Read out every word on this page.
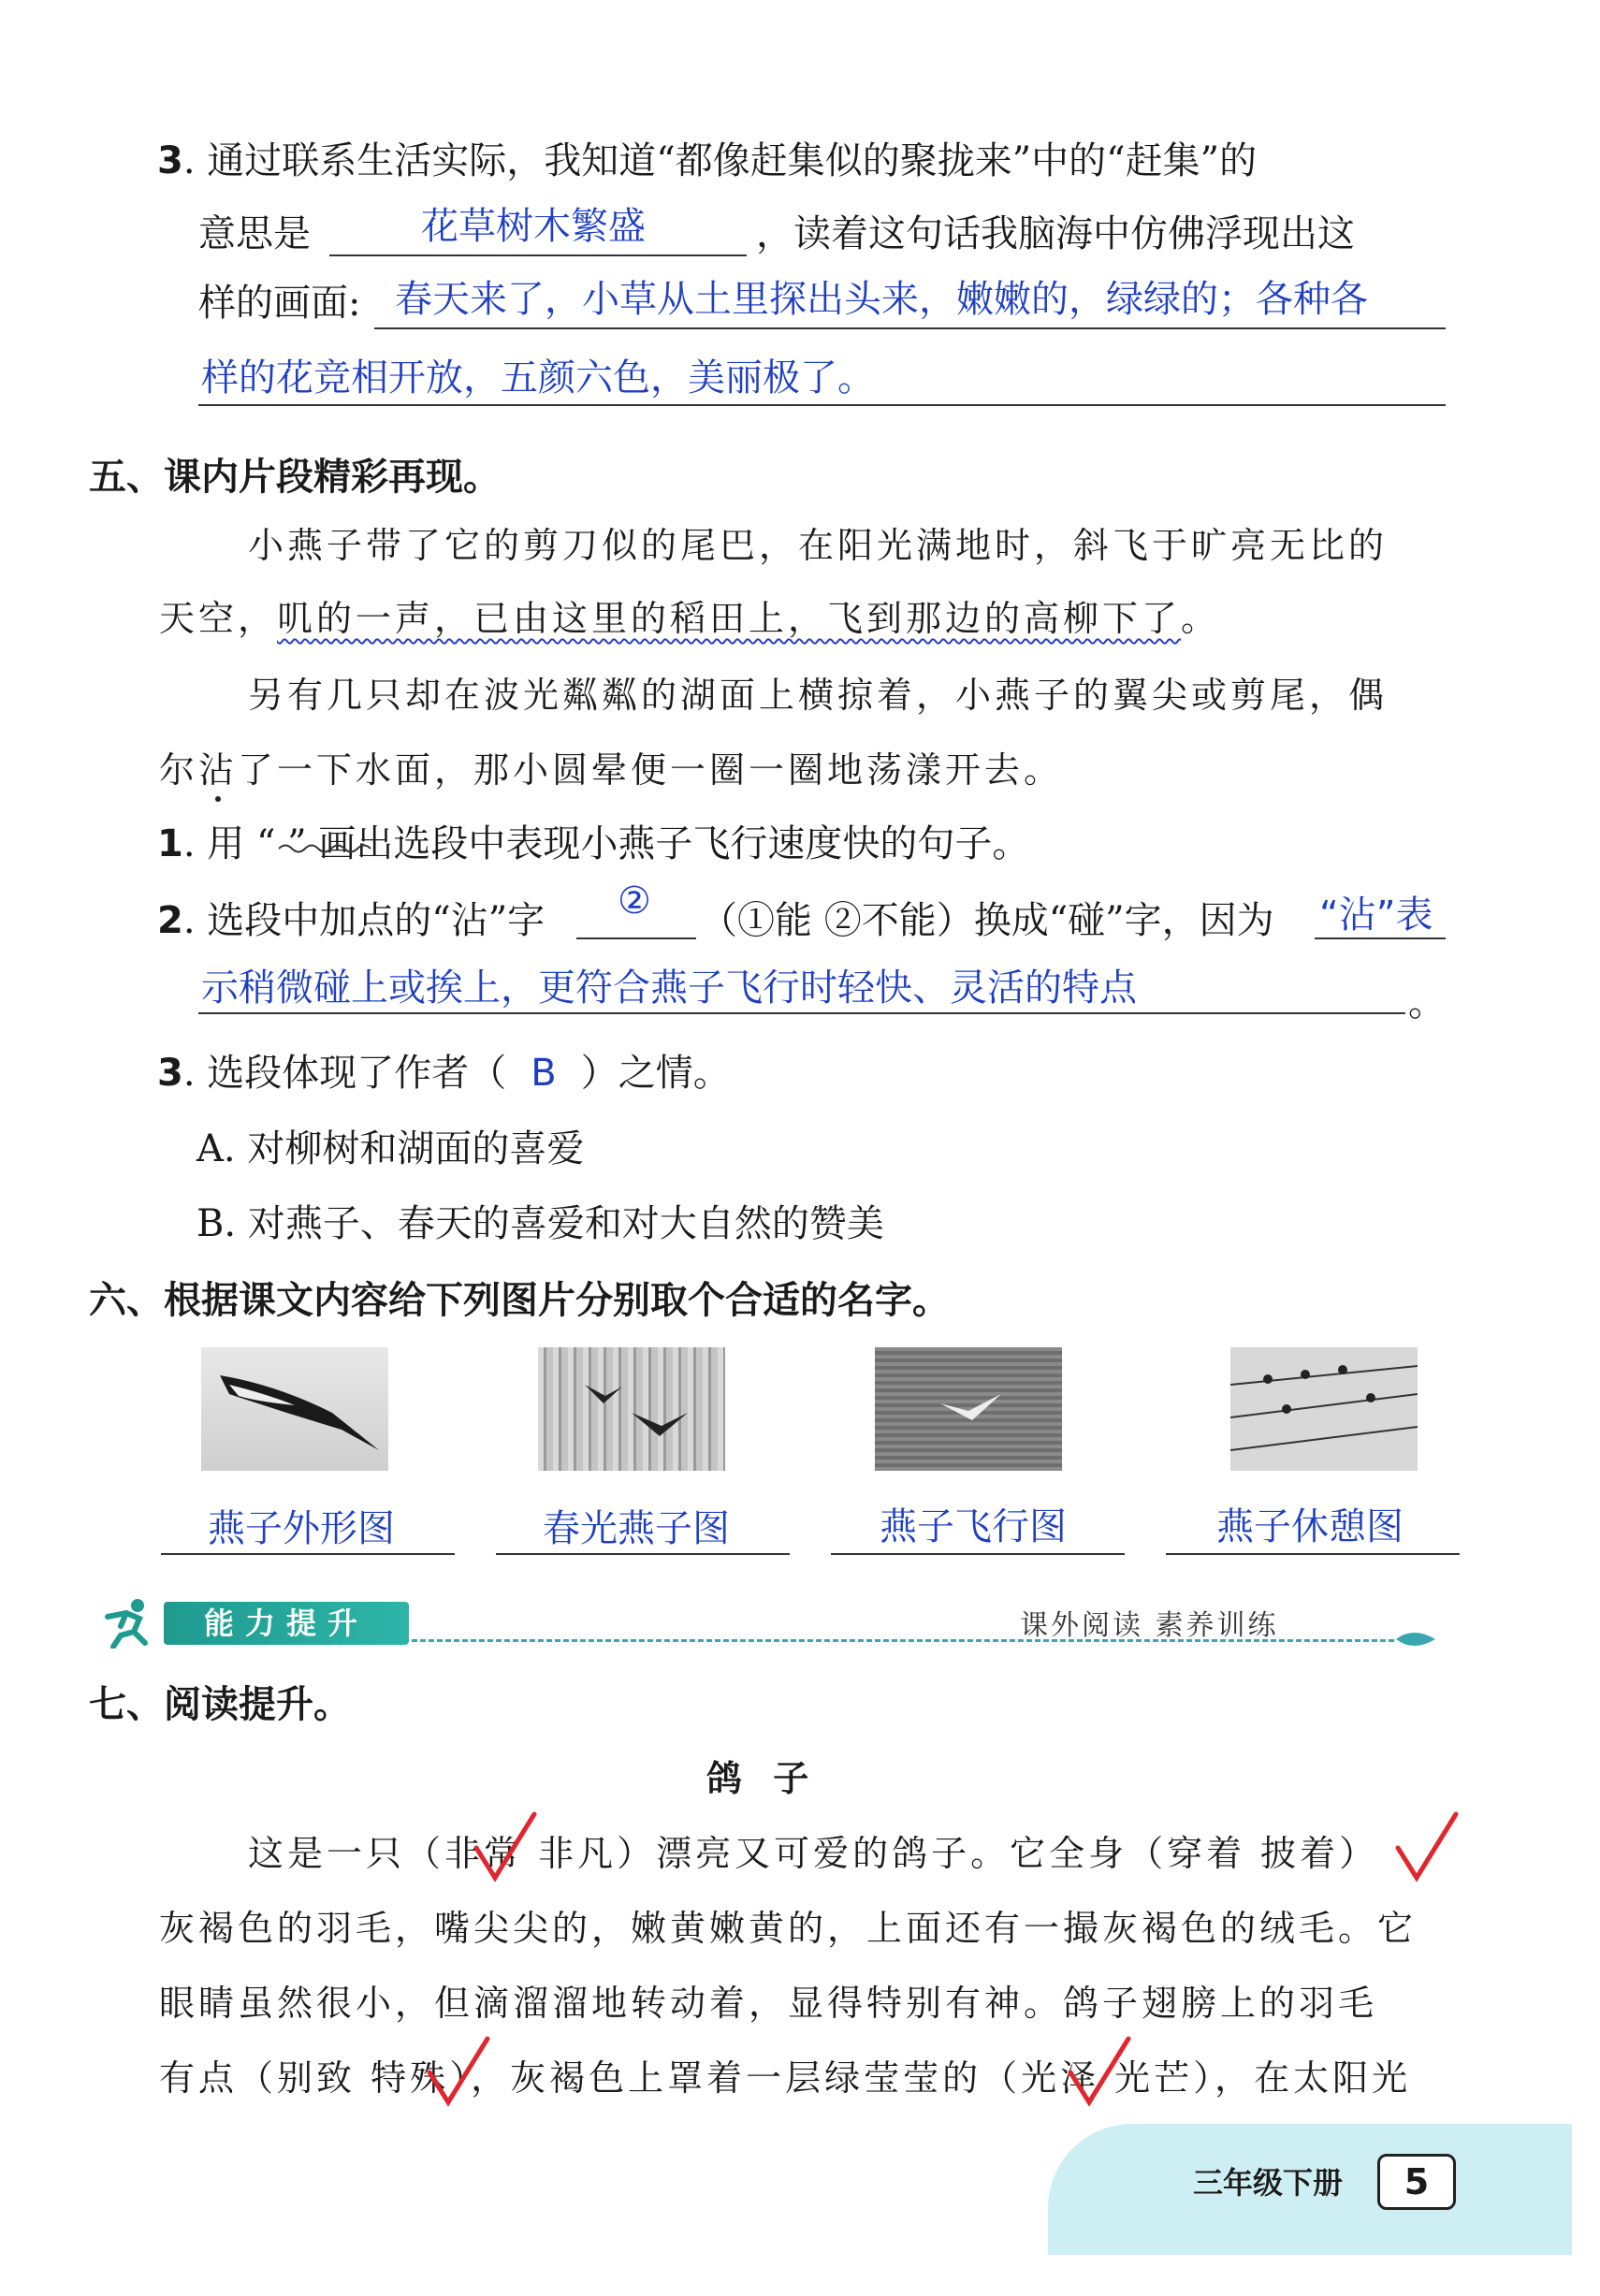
3. 通过联系生活实际，我知道“都像赶集似的聚拢来”中的“赶集”的
意思是	花草树木繁盛	，读着这句话我脑海中仿佛浮现出这
样的画面: 春天来了，小草从土里探出头来，嫩嫩的，绿绿的；各种各
样的花竞相开放，五颜六色，美丽极了。
五、课内片段精彩再现。
小燕子带了它的剪刀似的尾巴，在阳光满地时，斜飞于旷亮无比的
天空，叽的一声，已由这里的稻田上，飞到那边的高柳下了。
另有几只却在波光粼粼的湖面上横掠着，小燕子的翼尖或剪尾，偶
尔沾了一下水面，那小圆晕便一圈一圈地荡漾开去。
1. 用 “ ” 画出选段中表现小燕子飞行速度快的句子。
2. 选段中加点的“沾”字 ② （①能 ②不能）换成“碰”字，因为 “沾”表
示稍微碰上或挨上，更符合燕子飞行时轻快、灵活的特点	。
3. 选段体现了作者（ B ）之情。
A. 对柳树和湖面的喜爱
B. 对燕子、春天的喜爱和对大自然的赞美
六、根据课文内容给下列图片分别取个合适的名字。
燕子外形图	春光燕子图	燕子飞行图	燕子休憩图
能力提升	课外阅读 素养训练
七、阅读提升。
鸽 子
这是一只（非常 非凡）漂亮又可爱的鸽子。它全身（穿着 披着）
灰褐色的羽毛，嘴尖尖的，嫩黄嫩黄的，上面还有一撮灰褐色的绒毛。它
眼睛虽然很小，但滴溜溜地转动着，显得特别有神。鸽子翅膀上的羽毛
有点（别致 特殊），灰褐色上罩着一层绿莹莹的（光泽 光芒），在太阳光
三年级下册	5
